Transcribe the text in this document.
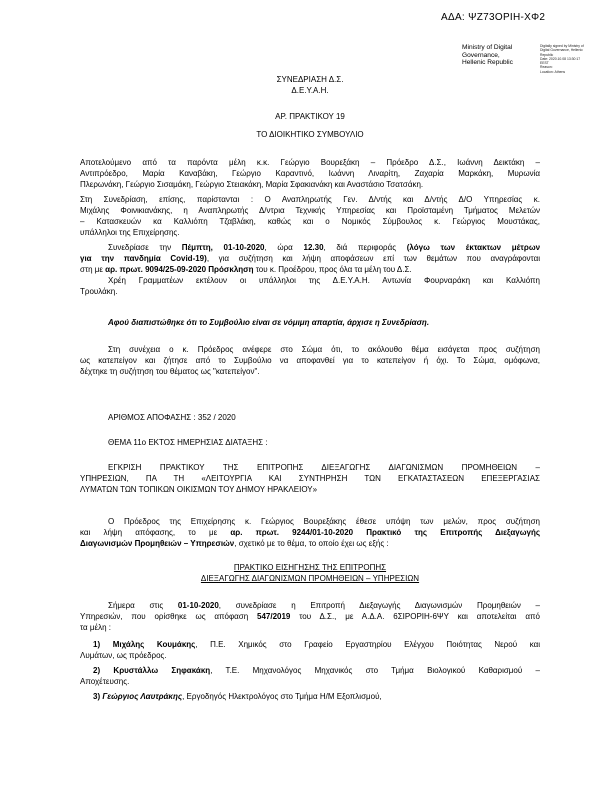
ΑΔΑ: ΨΖ73ΟΡΙΗ-ΧΦ2
Ministry of Digital
Governance,
Hellenic Republic
Digitally signed by Ministry of
Digital Governance, Hellenic
Republic
Date: 2020.10.08 13:30:17
EEST
Reason:
Location: Athens
ΣΥΝΕΔΡΙΑΣΗ Δ.Σ.
Δ.Ε.Υ.Α.Η.
ΑΡ. ΠΡΑΚΤΙΚΟΥ 19
ΤΟ ΔΙΟΙΚΗΤΙΚΟ ΣΥΜΒΟΥΛΙΟ
Αποτελούμενο από τα παρόντα μέλη κ.κ. Γεώργιο Βουρεξάκη – Πρόεδρο Δ.Σ., Ιωάννη Δεικτάκη –
Αντιπρόεδρο, Μαρία Καναβάκη, Γεώργιο Καραντινό, Ιωάννη Λιναρίτη, Ζαχαρία Μαρκάκη, Μυρωνία
Πλερωνάκη, Γεώργιο Σισαμάκη, Γεώργιο Στειακάκη, Μαρία Σφακιανάκη και Αναστάσιο Τσατσάκη.
Στη Συνεδρίαση, επίσης, παρίστανται : Ο Αναπληρωτής Γεν. Δ/ντής και Δ/ντής Δ/Ο Υπηρεσίας κ.
Μιχάλης Φοινικιανάκης, η Αναπληρωτής Δ/ντρια Τεχνικής Υπηρεσίας και Προϊσταμένη Τμήματος Μελετών
– Κατασκευών κα Καλλιόπη Τζαβλάκη, καθώς και ο Νομικός Σύμβουλος κ. Γεώργιος Μουστάκας,
υπάλληλοι της Επιχείρησης.
Συνεδρίασε την Πέμπτη, 01-10-2020, ώρα 12.30, διά περιφοράς (λόγω των έκτακτων μέτρων
για την πανδημία Covid-19), για συζήτηση και λήψη αποφάσεων επί των θεμάτων που αναγράφονται
στη με αρ. πρωτ. 9094/25-09-2020 Πρόσκληση του κ. Προέδρου, προς όλα τα μέλη του Δ.Σ.
Χρέη Γραμματέων εκτέλουν οι υπάλληλοι της Δ.Ε.Υ.Α.Η. Αντωνία Φουρναράκη και Καλλιόπη
Τρουλάκη.
Αφού διαπιστώθηκε ότι το Συμβούλιο είναι σε νόμιμη απαρτία, άρχισε η Συνεδρίαση.
Στη συνέχεια ο κ. Πρόεδρος ανέφερε στο Σώμα ότι, το ακόλουθο θέμα εισάγεται προς συζήτηση
ως κατεπείγον και ζήτησε από το Συμβούλιο να αποφανθεί για το κατεπείγον ή όχι. Το Σώμα, ομόφωνα,
δέχτηκε τη συζήτηση του θέματος ως "κατεπείγον".
ΑΡΙΘΜΟΣ ΑΠΟΦΑΣΗΣ : 352 / 2020
ΘΕΜΑ 11ο ΕΚΤΟΣ ΗΜΕΡΗΣΙΑΣ ΔΙΑΤΑΞΗΣ :
ΕΓΚΡΙΣΗ ΠΡΑΚΤΙΚΟΥ ΤΗΣ ΕΠΙΤΡΟΠΗΣ ΔΙΕΞΑΓΩΓΗΣ ΔΙΑΓΩΝΙΣΜΩΝ ΠΡΟΜΗΘΕΙΩΝ –
ΥΠΗΡΕΣΙΩΝ, ΠΑ ΤΗ «ΛΕΙΤΟΥΡΓΙΑ ΚΑΙ ΣΥΝΤΗΡΗΣΗ ΤΩΝ ΕΓΚΑΤΑΣΤΑΣΕΩΝ ΕΠΕΞΕΡΓΑΣΙΑΣ
ΛΥΜΑΤΩΝ ΤΩΝ ΤΟΠΙΚΩΝ ΟΙΚΙΣΜΩΝ ΤΟΥ ΔΗΜΟΥ ΗΡΑΚΛΕΙΟΥ»
Ο Πρόεδρος της Επιχείρησης κ. Γεώργιος Βουρεξάκης έθεσε υπόψη των μελών, προς συζήτηση
και λήψη απόφασης, το με αρ. πρωτ. 9244/01-10-2020 Πρακτικό της Επιτροπής Διεξαγωγής
Διαγωνισμών Προμηθειών – Υπηρεσιών, σχετικό με το θέμα, το οποίο έχει ως εξής :
ΠΡΑΚΤΙΚΟ ΕΙΣΗΓΗΣΗΣ ΤΗΣ ΕΠΙΤΡΟΠΗΣ
ΔΙΕΞΑΓΩΓΗΣ ΔΙΑΓΩΝΙΣΜΩΝ ΠΡΟΜΗΘΕΙΩΝ – ΥΠΗΡΕΣΙΩΝ
Σήμερα στις 01-10-2020, συνεδρίασε η Επιτροπή Διεξαγωγής Διαγωνισμών Προμηθειών –
Υπηρεσιών, που ορίσθηκε ως απόφαση 547/2019 του Δ.Σ., με Α.Δ.Α. 6ΣΙΡΟΡΙΗ-6ΨΥ και αποτελείται από
τα μέλη :
1) Μιχάλης Κουμάκης, Π.Ε. Χημικός στο Γραφείο Εργαστηρίου Ελέγχου Ποιότητας Νερού και
Λυμάτων, ως πρόεδρος.
2) Κρυστάλλω Σηφακάκη, Τ.Ε. Μηχανολόγος Μηχανικός στο Τμήμα Βιολογικού Καθαρισμού –
Αποχέτευσης.
3) Γεώργιος Λαυτράκης, Εργοδηγός Ηλεκτρολόγος στο Τμήμα Η/Μ Εξοπλισμού,
